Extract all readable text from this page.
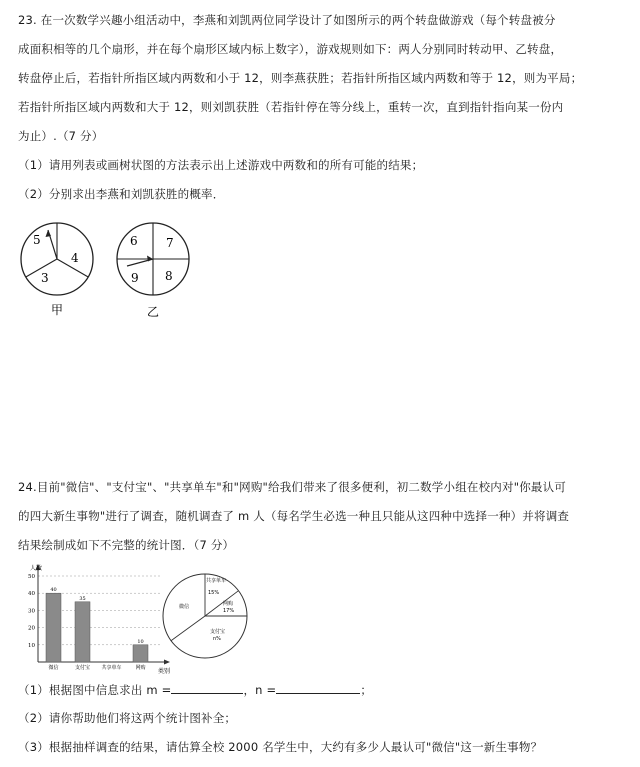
23. 在一次数学兴趣小组活动中，李燕和刘凯两位同学设计了如图所示的两个转盘做游戏（每个转盘被分
成面积相等的几个扇形，并在每个扇形区域内标上数字），游戏规则如下：两人分别同时转动甲、乙转盘，
转盘停止后，若指针所指区域内两数和小于 12，则李燕获胜；若指针所指区域内两数和等于 12，则为平局；
若指针所指区域内两数和大于 12，则刘凯获胜（若指针停在等分线上，重转一次，直到指针指向某一份内
为止）.（7 分）
（1）请用列表或画树状图的方法表示出上述游戏中两数和的所有可能的结果；
（2）分别求出李燕和刘凯获胜的概率．
5
4
3
甲
6 7
9 8
乙
24.目前"微信"、"支付宝"、"共享单车"和"网购"给我们带来了很多便利，初二数学小组在校内对"你最认可
的四大新生事物"进行了调查，随机调查了 m 人（每名学生必选一种且只能从这四种中选择一种）并将调查
结果绘制成如下不完整的统计图．（7 分）
人数
类别
50
40
30
20
10
40
微信
35
支付宝 共享单车
10
网购
共享单车
15%
网购
17%
支付宝
n%
微信
（1）根据图中信息求出 m =	，n =	；
（2）请你帮助他们将这两个统计图补全；
（3）根据抽样调查的结果，请估算全校 2000 名学生中，大约有多少人最认可"微信"这一新生事物？
